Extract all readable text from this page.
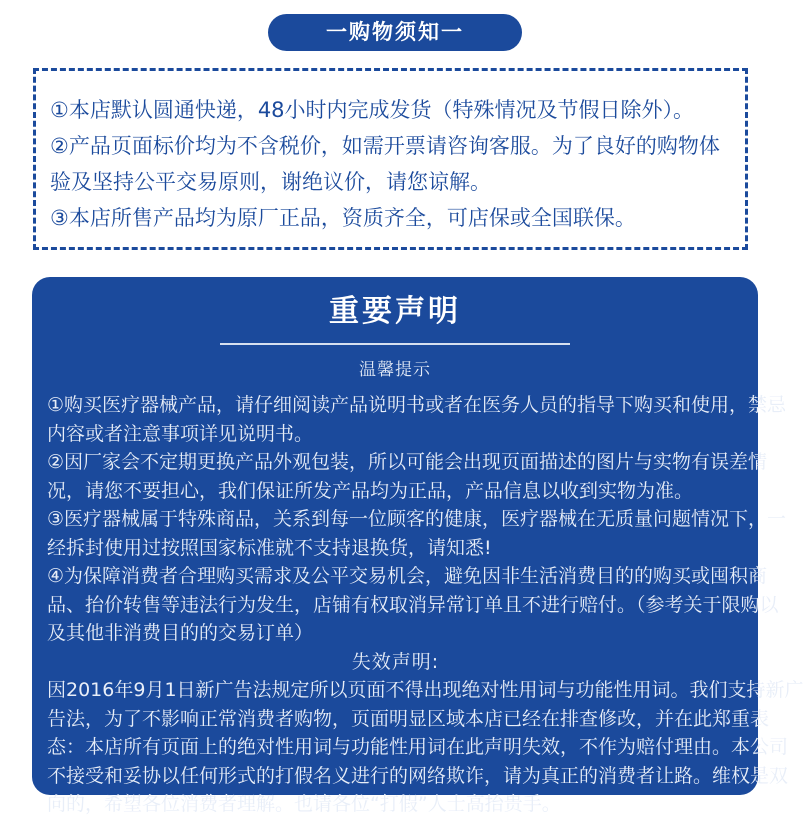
一购物须知一
①本店默认圆通快递，48小时内完成发货（特殊情况及节假日除外）。
②产品页面标价均为不含税价，如需开票请咨询客服。为了良好的购物体
验及坚持公平交易原则，谢绝议价，请您谅解。
③本店所售产品均为原厂正品，资质齐全，可店保或全国联保。
重要声明
温馨提示
①购买医疗器械产品，请仔细阅读产品说明书或者在医务人员的指导下购买和使用，禁忌
内容或者注意事项详见说明书。
②因厂家会不定期更换产品外观包装，所以可能会出现页面描述的图片与实物有误差情
况，请您不要担心，我们保证所发产品均为正品，产品信息以收到实物为准。
③医疗器械属于特殊商品，关系到每一位顾客的健康，医疗器械在无质量问题情况下，一
经拆封使用过按照国家标准就不支持退换货，请知悉!
④为保障消费者合理购买需求及公平交易机会，避免因非生活消费目的的购买或囤积商
品、抬价转售等违法行为发生，店铺有权取消异常订单且不进行赔付。（参考关于限购以
及其他非消费目的的交易订单）
失效声明:
因2016年9月1日新广告法规定所以页面不得出现绝对性用词与功能性用词。我们支持新广
告法，为了不影响正常消费者购物，页面明显区域本店已经在排查修改，并在此郑重表
态：本店所有页面上的绝对性用词与功能性用词在此声明失效，不作为赔付理由。本公司
不接受和妥协以任何形式的打假名义进行的网络欺诈，请为真正的消费者让路。维权是双
向的，希望各位消费者理解。也请各位“打假”人士高抬贵手。
